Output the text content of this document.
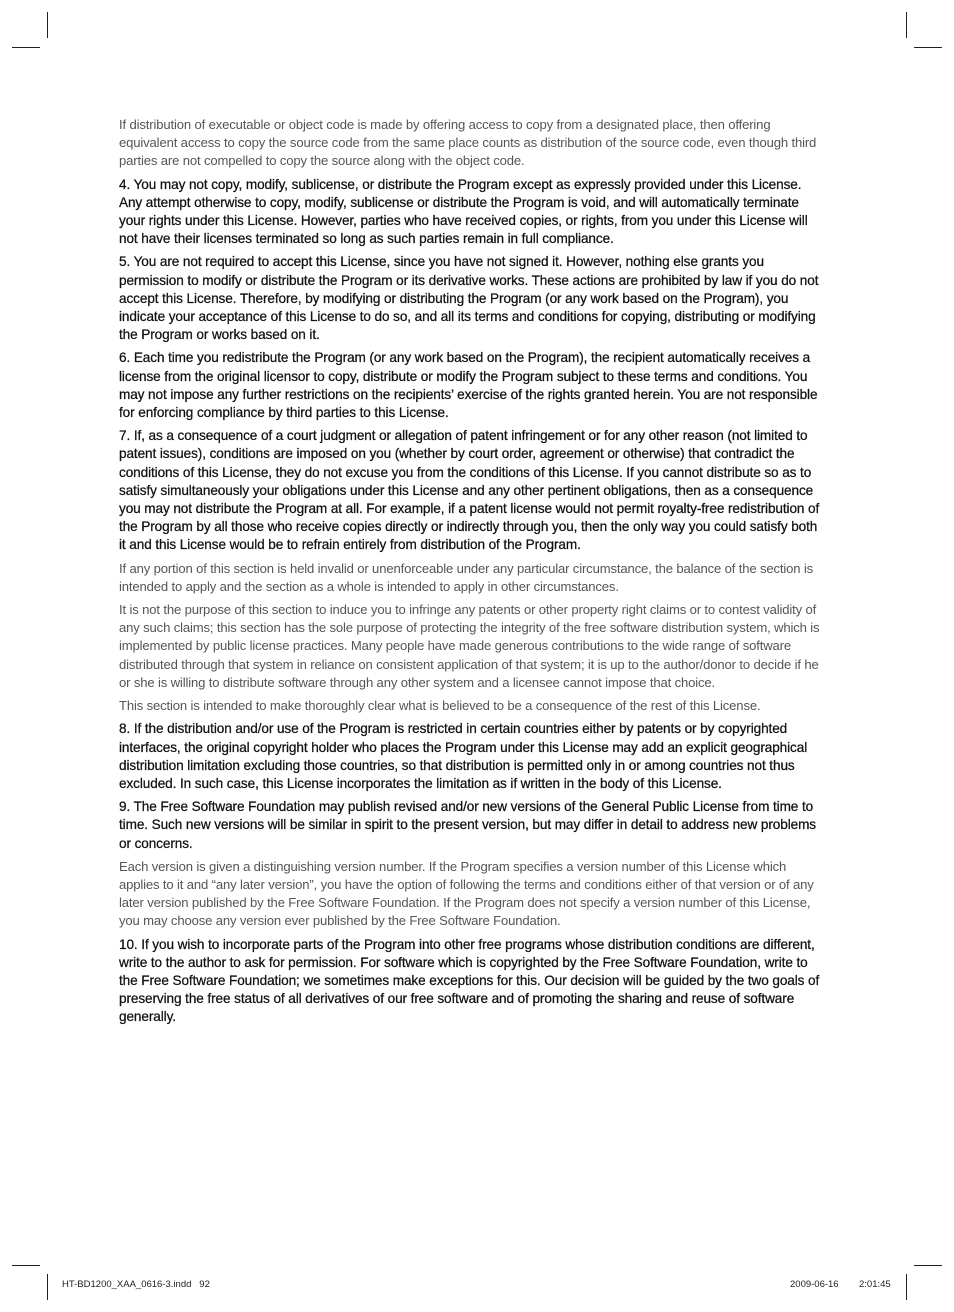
If distribution of executable or object code is made by offering access to copy from a designated place, then offering equivalent access to copy the source code from the same place counts as distribution of the source code, even though third parties are not compelled to copy the source along with the object code.

4. You may not copy, modify, sublicense, or distribute the Program except as expressly provided under this License. Any attempt otherwise to copy, modify, sublicense or distribute the Program is void, and will automatically terminate your rights under this License. However, parties who have received copies, or rights, from you under this License will not have their licenses terminated so long as such parties remain in full compliance.

5. You are not required to accept this License, since you have not signed it. However, nothing else grants you permission to modify or distribute the Program or its derivative works. These actions are prohibited by law if you do not accept this License. Therefore, by modifying or distributing the Program (or any work based on the Program), you indicate your acceptance of this License to do so, and all its terms and conditions for copying, distributing or modifying the Program or works based on it.

6. Each time you redistribute the Program (or any work based on the Program), the recipient automatically receives a license from the original licensor to copy, distribute or modify the Program subject to these terms and conditions. You may not impose any further restrictions on the recipients’ exercise of the rights granted herein. You are not responsible for enforcing compliance by third parties to this License.

7. If, as a consequence of a court judgment or allegation of patent infringement or for any other reason (not limited to patent issues), conditions are imposed on you (whether by court order, agreement or otherwise) that contradict the conditions of this License, they do not excuse you from the conditions of this License. If you cannot distribute so as to satisfy simultaneously your obligations under this License and any other pertinent obligations, then as a consequence you may not distribute the Program at all. For example, if a patent license would not permit royalty-free redistribution of the Program by all those who receive copies directly or indirectly through you, then the only way you could satisfy both it and this License would be to refrain entirely from distribution of the Program.

If any portion of this section is held invalid or unenforceable under any particular circumstance, the balance of the section is intended to apply and the section as a whole is intended to apply in other circumstances.

It is not the purpose of this section to induce you to infringe any patents or other property right claims or to contest validity of any such claims; this section has the sole purpose of protecting the integrity of the free software distribution system, which is implemented by public license practices. Many people have made generous contributions to the wide range of software distributed through that system in reliance on consistent application of that system; it is up to the author/donor to decide if he or she is willing to distribute software through any other system and a licensee cannot impose that choice.

This section is intended to make thoroughly clear what is believed to be a consequence of the rest of this License.

8. If the distribution and/or use of the Program is restricted in certain countries either by patents or by copyrighted interfaces, the original copyright holder who places the Program under this License may add an explicit geographical distribution limitation excluding those countries, so that distribution is permitted only in or among countries not thus excluded. In such case, this License incorporates the limitation as if written in the body of this License.

9. The Free Software Foundation may publish revised and/or new versions of the General Public License from time to time. Such new versions will be similar in spirit to the present version, but may differ in detail to address new problems or concerns.

Each version is given a distinguishing version number. If the Program specifies a version number of this License which applies to it and “any later version”, you have the option of following the terms and conditions either of that version or of any later version published by the Free Software Foundation. If the Program does not specify a version number of this License, you may choose any version ever published by the Free Software Foundation.

10. If you wish to incorporate parts of the Program into other free programs whose distribution conditions are different, write to the author to ask for permission. For software which is copyrighted by the Free Software Foundation, write to the Free Software Foundation; we sometimes make exceptions for this. Our decision will be guided by the two goals of preserving the free status of all derivatives of our free software and of promoting the sharing and reuse of software generally.

HT-BD1200_XAA_0616-3.indd   92	2009-06-16 2:01:45
